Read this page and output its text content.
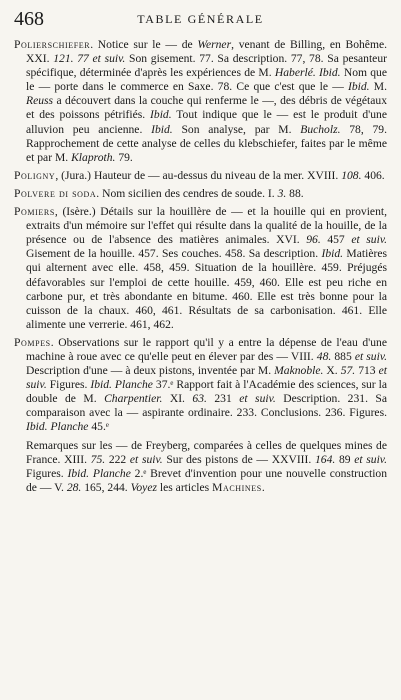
468	TABLE GÉNÉRALE

Polierschiefer. Notice sur le — de Werner, venant de Billing, en Bohême. XXI. 121. 77 et suiv. Son gisement. 77. Sa description. 77, 78. Sa pesanteur spécifique, déterminée d'après les expériences de M. Haberlé. Ibid. Nom que le — porte dans le commerce en Saxe. 78. Ce que c'est que le — Ibid. M. Reuss a découvert dans la couche qui renferme le —, des débris de végétaux et des poissons pétrifiés. Ibid. Tout indique que le — est le produit d'une alluvion peu ancienne. Ibid. Son analyse, par M. Bucholz. 78, 79. Rapprochement de cette analyse de celles du klebschiefer, faites par le même et par M. Klaproth. 79.

Poligny, (Jura.) Hauteur de — au-dessus du niveau de la mer. XVIII. 108. 406.

Polvere di soda. Nom sicilien des cendres de soude. I. 3. 88.

Pomiers, (Isère.) Détails sur la houillère de — et la houille qui en provient, extraits d'un mémoire sur l'effet qui résulte dans la qualité de la houille, de la présence ou de l'absence des matières animales. XVI. 96. 457 et suiv. Gisement de la houille. 457. Ses couches. 458. Sa description. Ibid. Matières qui alternent avec elle. 458, 459. Situation de la houillère. 459. Préjugés défavorables sur l'emploi de cette houille. 459, 460. Elle est peu riche en carbone pur, et très abondante en bitume. 460. Elle est très bonne pour la cuisson de la chaux. 460, 461. Résultats de sa carbonisation. 461. Elle alimente une verrerie. 461, 462.

Pompes. Observations sur le rapport qu'il y a entre la dépense de l'eau d'une machine à roue avec ce qu'elle peut en élever par des — VIII. 48. 885 et suiv. Description d'une — à deux pistons, inventée par M. Maknoble. X. 57. 713 et suiv. Figures. Ibid. Planche 37.ᵉ Rapport fait à l'Académie des sciences, sur la double de M. Charpentier. XI. 63. 231 et suiv. Description. 231. Sa comparaison avec la — aspirante ordinaire. 233. Conclusions. 236. Figures. Ibid. Planche 45.ᵉ

Remarques sur les — de Freyberg, comparées à celles de quelques mines de France. XIII. 75. 222 et suiv. Sur des pistons de — XXVIII. 164. 89 et suiv. Figures. Ibid. Planche 2.ᵉ Brevet d'invention pour une nouvelle construction de — V. 28. 165, 244. Voyez les articles Machines.
